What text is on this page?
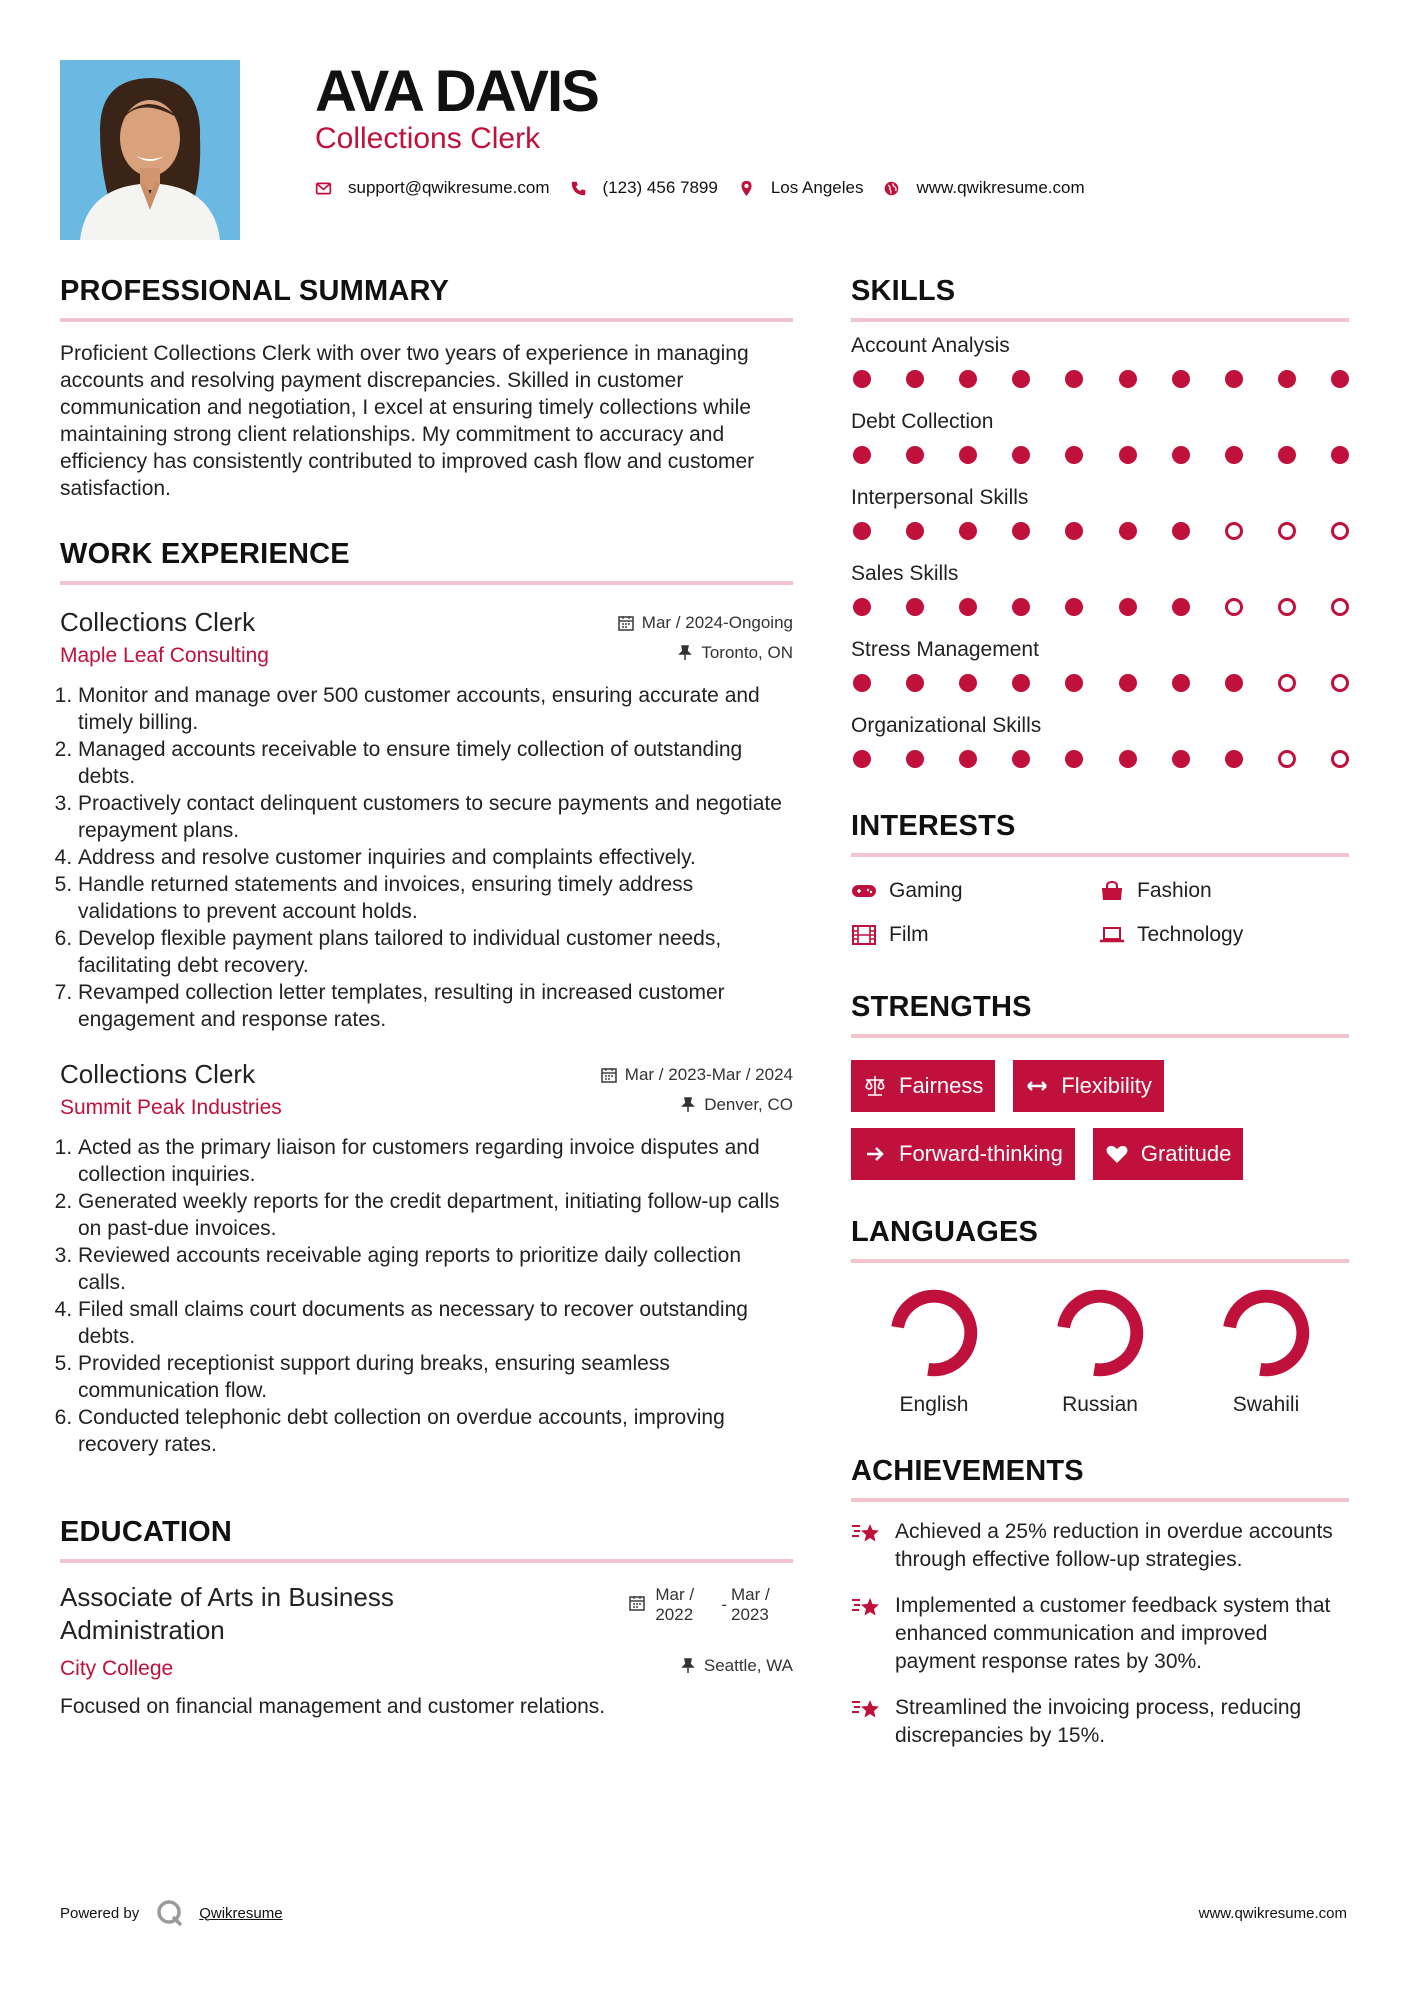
AVA DAVIS
Collections Clerk
support@qwikresume.com	(123) 456 7899	Los Angeles	www.qwikresume.com
PROFESSIONAL SUMMARY

Proficient Collections Clerk with over two years of experience in managing accounts and resolving payment discrepancies. Skilled in customer communication and negotiation, I excel at ensuring timely collections while maintaining strong client relationships. My commitment to accuracy and efficiency has consistently contributed to improved cash flow and customer satisfaction.

WORK EXPERIENCE
Collections Clerk	Mar / 2024-Ongoing
Maple Leaf Consulting	Toronto, ON
1. Monitor and manage over 500 customer accounts, ensuring accurate and timely billing.
2. Managed accounts receivable to ensure timely collection of outstanding debts.
3. Proactively contact delinquent customers to secure payments and negotiate repayment plans.
4. Address and resolve customer inquiries and complaints effectively.
5. Handle returned statements and invoices, ensuring timely address validations to prevent account holds.
6. Develop flexible payment plans tailored to individual customer needs, facilitating debt recovery.
7. Revamped collection letter templates, resulting in increased customer engagement and response rates.
Collections Clerk	Mar / 2023-Mar / 2024
Summit Peak Industries	Denver, CO
1. Acted as the primary liaison for customers regarding invoice disputes and collection inquiries.
2. Generated weekly reports for the credit department, initiating follow-up calls on past-due invoices.
3. Reviewed accounts receivable aging reports to prioritize daily collection calls.
4. Filed small claims court documents as necessary to recover outstanding debts.
5. Provided receptionist support during breaks, ensuring seamless communication flow.
6. Conducted telephonic debt collection on overdue accounts, improving recovery rates.
EDUCATION
Associate of Arts in Business Administration
Mar /
2022
-
Mar /
2023
City College	Seattle, WA

Focused on financial management and customer relations.

SKILLS
Account Analysis
Debt Collection
Interpersonal Skills
Sales Skills
Stress Management
Organizational Skills
INTERESTS
Gaming	Fashion
Film	Technology
STRENGTHS
Fairness	Flexibility
Forward-thinking	Gratitude
LANGUAGES
English	Russian	Swahili
ACHIEVEMENTS
Achieved a 25% reduction in overdue accounts through effective follow-up strategies.
Implemented a customer feedback system that enhanced communication and improved payment response rates by 30%.
Streamlined the invoicing process, reducing discrepancies by 15%.
Powered by	Qwikresume	www.qwikresume.com
